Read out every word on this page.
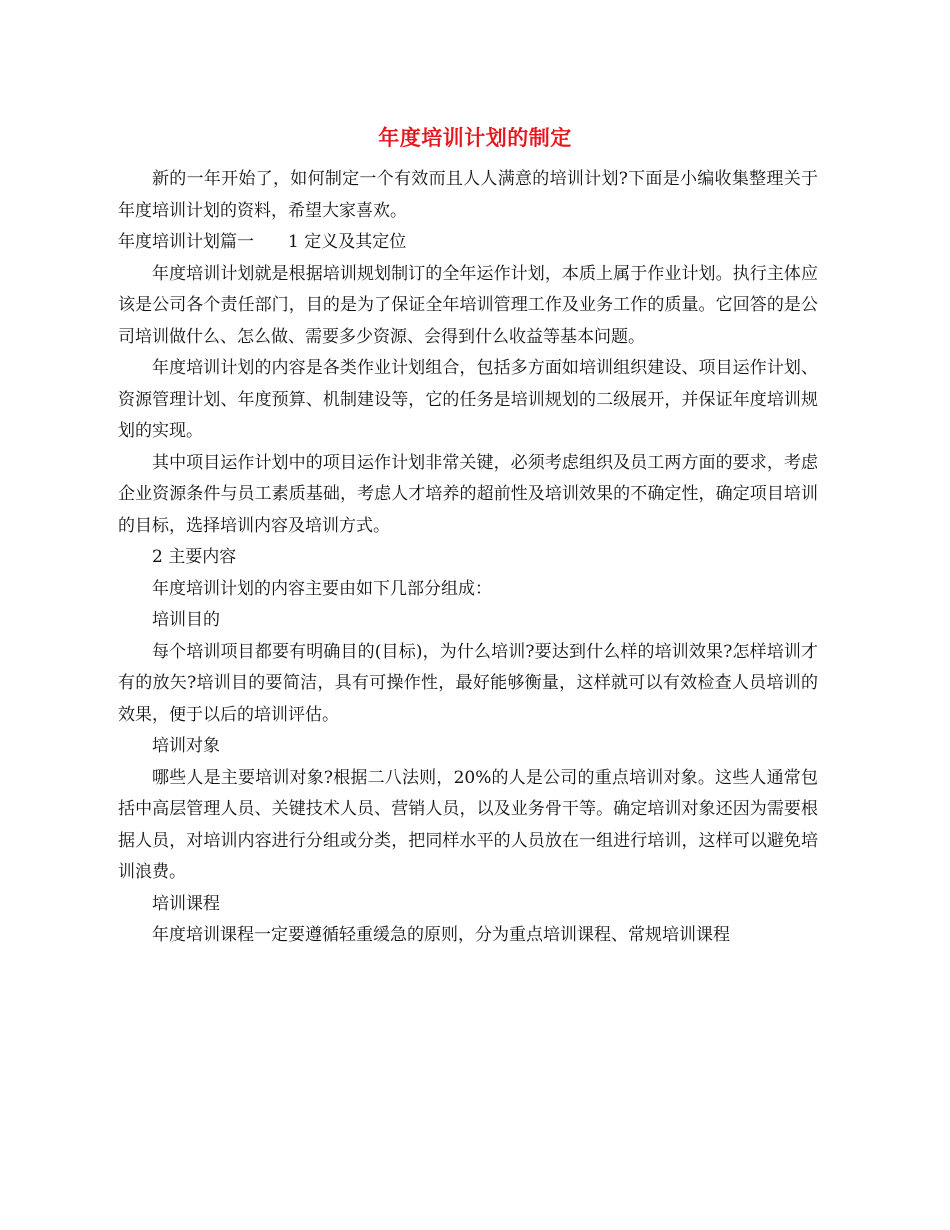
年度培训计划的制定

新的一年开始了，如何制定一个有效而且人人满意的培训计划?下面是小编收集整理关于年度培训计划的资料，希望大家喜欢。

年度培训计划篇一　　1 定义及其定位

年度培训计划就是根据培训规划制订的全年运作计划，本质上属于作业计划。执行主体应该是公司各个责任部门，目的是为了保证全年培训管理工作及业务工作的质量。它回答的是公司培训做什么、怎么做、需要多少资源、会得到什么收益等基本问题。

年度培训计划的内容是各类作业计划组合，包括多方面如培训组织建设、项目运作计划、资源管理计划、年度预算、机制建设等，它的任务是培训规划的二级展开，并保证年度培训规划的实现。

其中项目运作计划中的项目运作计划非常关键，必须考虑组织及员工两方面的要求，考虑企业资源条件与员工素质基础，考虑人才培养的超前性及培训效果的不确定性，确定项目培训的目标，选择培训内容及培训方式。

2 主要内容

年度培训计划的内容主要由如下几部分组成：

培训目的

每个培训项目都要有明确目的(目标)，为什么培训?要达到什么样的培训效果?怎样培训才有的放矢?培训目的要简洁，具有可操作性，最好能够衡量，这样就可以有效检查人员培训的效果，便于以后的培训评估。

培训对象

哪些人是主要培训对象?根据二八法则，20%的人是公司的重点培训对象。这些人通常包括中高层管理人员、关键技术人员、营销人员，以及业务骨干等。确定培训对象还因为需要根据人员，对培训内容进行分组或分类，把同样水平的人员放在一组进行培训，这样可以避免培训浪费。

培训课程

年度培训课程一定要遵循轻重缓急的原则，分为重点培训课程、常规培训课程
